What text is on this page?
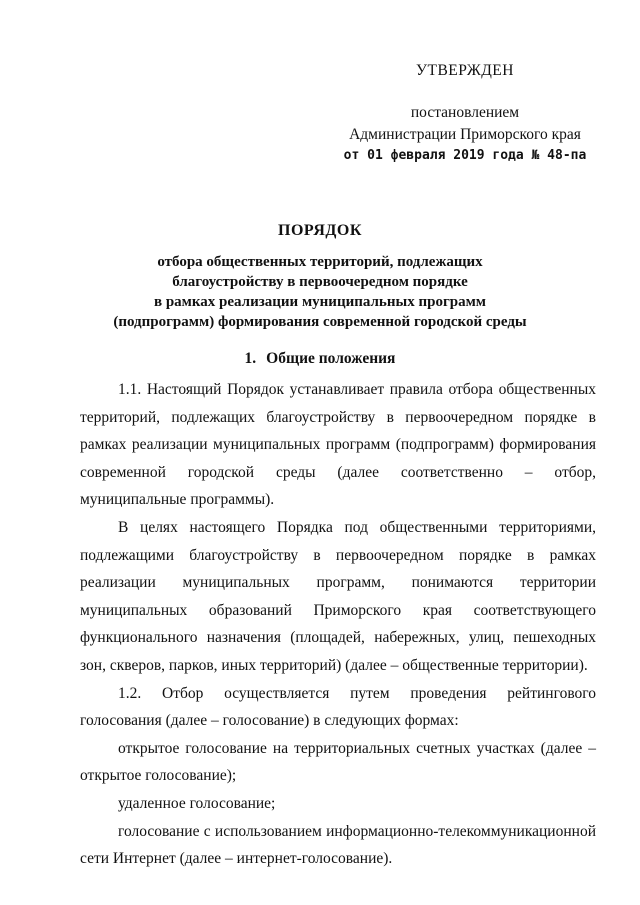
УТВЕРЖДЕН
постановлением
Администрации Приморского края
от 01 февраля 2019 года № 48-па
ПОРЯДОК
отбора общественных территорий, подлежащих
благоустройству в первоочередном порядке
в рамках реализации муниципальных программ
(подпрограмм) формирования современной городской среды
1. Общие положения

1.1. Настоящий Порядок устанавливает правила отбора общественных территорий, подлежащих благоустройству в первоочередном порядке в рамках реализации муниципальных программ (подпрограмм) формирования современной городской среды (далее соответственно – отбор, муниципальные программы).

В целях настоящего Порядка под общественными территориями, подлежащими благоустройству в первоочередном порядке в рамках реализации муниципальных программ, понимаются территории муниципальных образований Приморского края соответствующего функционального назначения (площадей, набережных, улиц, пешеходных зон, скверов, парков, иных территорий) (далее – общественные территории).

1.2. Отбор осуществляется путем проведения рейтингового голосования (далее – голосование) в следующих формах:

открытое голосование на территориальных счетных участках (далее – открытое голосование);

удаленное голосование;

голосование с использованием информационно-телекоммуникационной сети Интернет (далее – интернет-голосование).
